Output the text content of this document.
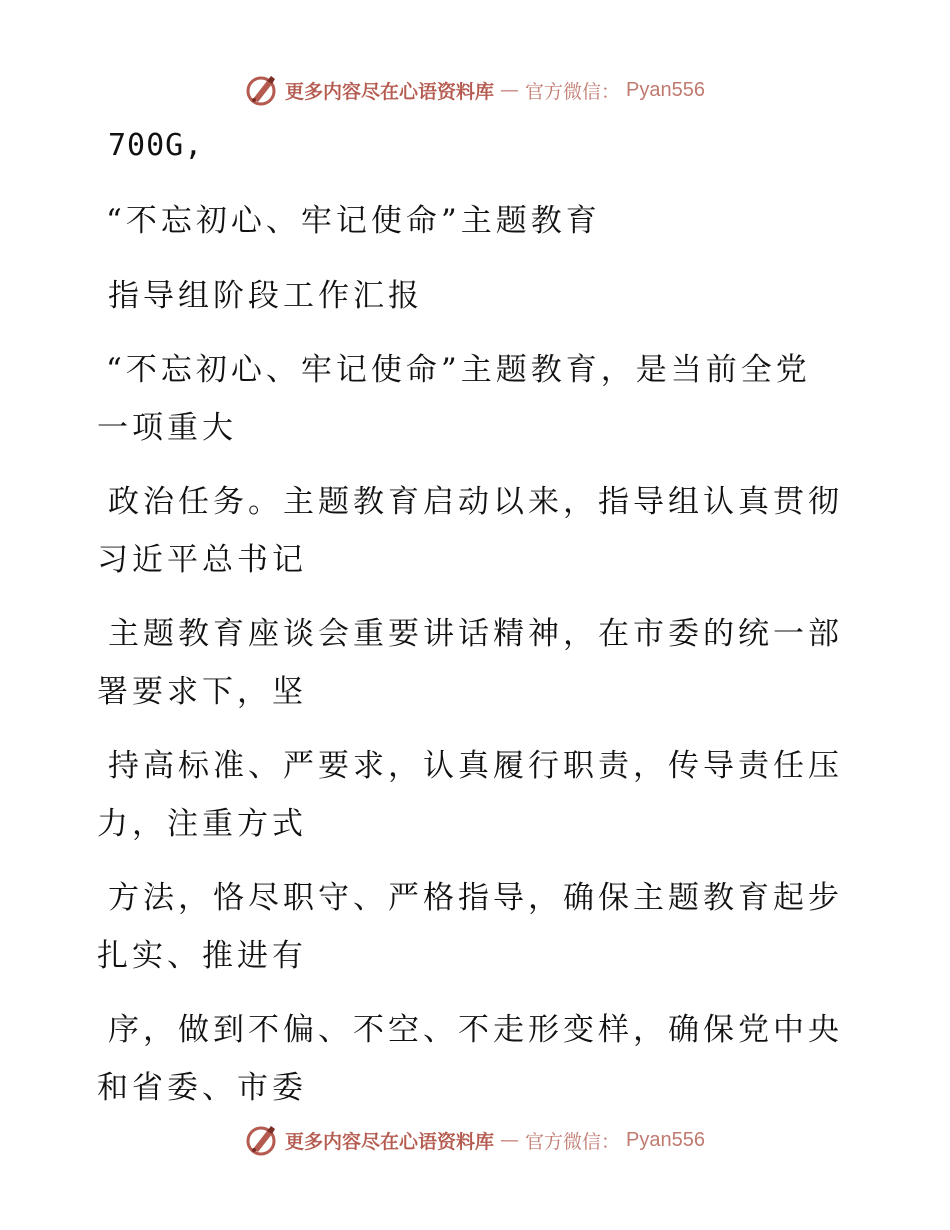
更多内容尽在心语资料库 — 官方微信： Pyan556
700G,
“不忘初心、牢记使命”主题教育
指导组阶段工作汇报
“不忘初心、牢记使命”主题教育，是当前全党
一项重大
政治任务。主题教育启动以来，指导组认真贯彻
习近平总书记
主题教育座谈会重要讲话精神，在市委的统一部
署要求下，坚
持高标准、严要求，认真履行职责，传导责任压
力，注重方式
方法，恪尽职守、严格指导，确保主题教育起步
扎实、推进有
序，做到不偏、不空、不走形变样，确保党中央
和省委、市委
更多内容尽在心语资料库 — 官方微信： Pyan556
